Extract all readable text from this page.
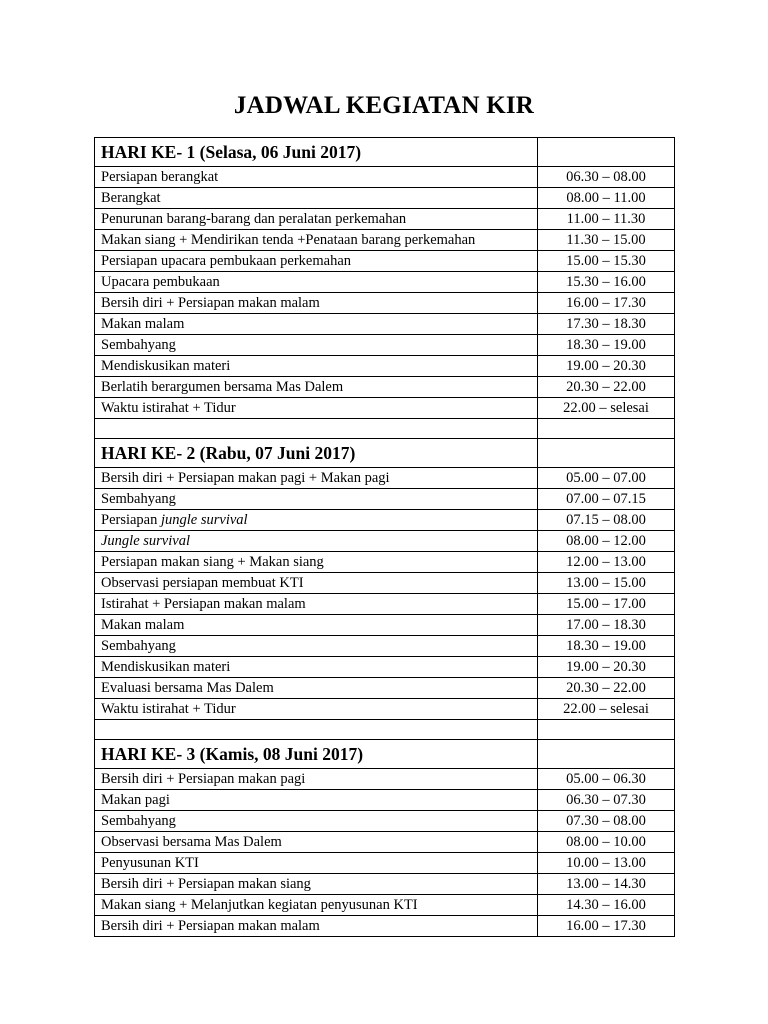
JADWAL KEGIATAN KIR
HARI KE- 1 (Selasa, 06 Juni 2017)	
Persiapan berangkat	06.30 – 08.00
Berangkat	08.00 – 11.00
Penurunan barang-barang dan peralatan perkemahan	11.00 – 11.30
Makan siang + Mendirikan tenda +Penataan barang perkemahan	11.30 – 15.00
Persiapan upacara pembukaan perkemahan	15.00 – 15.30
Upacara pembukaan	15.30 – 16.00
Bersih diri + Persiapan makan malam	16.00 – 17.30
Makan malam	17.30 – 18.30
Sembahyang	18.30 – 19.00
Mendiskusikan materi	19.00 – 20.30
Berlatih berargumen bersama Mas Dalem	20.30 – 22.00
Waktu istirahat + Tidur	22.00 – selesai

HARI KE- 2 (Rabu, 07 Juni 2017)	
Bersih diri + Persiapan makan pagi + Makan pagi	05.00 – 07.00
Sembahyang	07.00 – 07.15
Persiapan jungle survival	07.15 – 08.00
Jungle survival	08.00 – 12.00
Persiapan makan siang + Makan siang	12.00 – 13.00
Observasi persiapan membuat KTI	13.00 – 15.00
Istirahat + Persiapan makan malam	15.00 – 17.00
Makan malam	17.00 – 18.30
Sembahyang	18.30 – 19.00
Mendiskusikan materi	19.00 – 20.30
Evaluasi bersama Mas Dalem	20.30 – 22.00
Waktu istirahat + Tidur	22.00 – selesai

HARI KE- 3 (Kamis, 08 Juni 2017)	
Bersih diri + Persiapan makan pagi	05.00 – 06.30
Makan pagi	06.30 – 07.30
Sembahyang	07.30 – 08.00
Observasi bersama Mas Dalem	08.00 – 10.00
Penyusunan KTI	10.00 – 13.00
Bersih diri + Persiapan makan siang	13.00 – 14.30
Makan siang + Melanjutkan kegiatan penyusunan KTI	14.30 – 16.00
Bersih diri + Persiapan makan malam	16.00 – 17.30
